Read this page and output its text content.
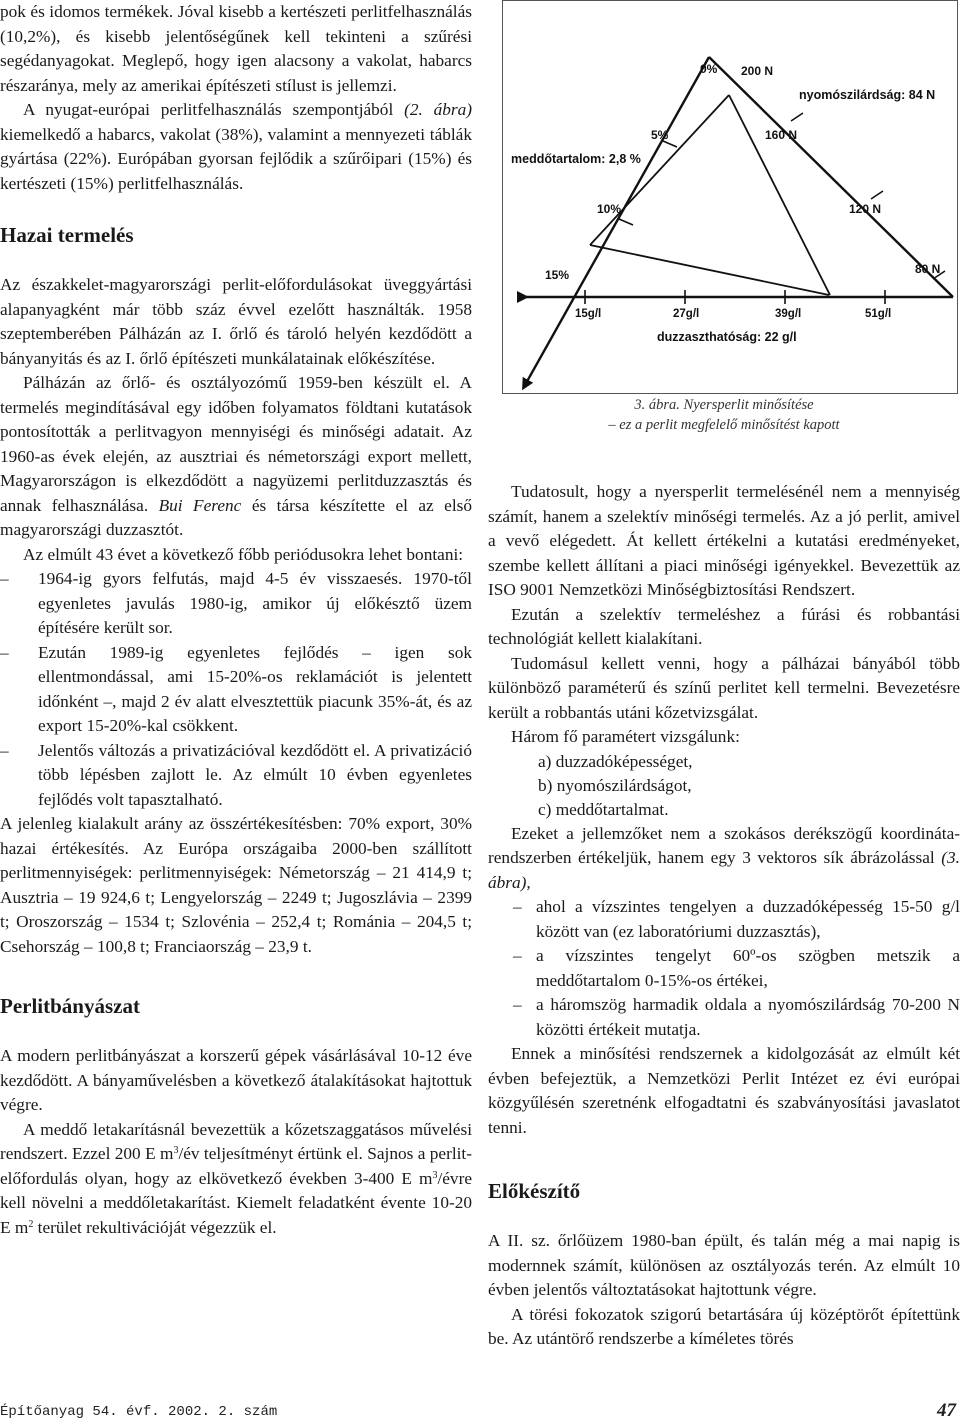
pok és idomos termékek. Jóval kisebb a kertészeti perlitfelhasználás (10,2%), és kisebb jelentőségűnek kell tekinteni a szűrési segédanyagokat. Meglepő, hogy igen alacsony a vakolat, habarcs részaránya, mely az amerikai építészeti stílust is jellemzi.

A nyugat-európai perlitfelhasználás szempontjából (2. ábra) kiemelkedő a habarcs, vakolat (38%), valamint a mennyezeti táblák gyártása (22%). Európában gyorsan fejlődik a szűrőipari (15%) és kertészeti (15%) perlitfelhasználás.

Hazai termelés

Az északkelet-magyarországi perlit-előfordulásokat üveggyártási alapanyagként már több száz évvel ezelőtt használták. 1958 szeptemberében Pálházán az I. őrlő és tároló helyén kezdődött a bányanyitás és az I. őrlő építészeti munkálatainak előkészítése.

Pálházán az őrlő- és osztályozómű 1959-ben készült el. A termelés megindításával egy időben folyamatos földtani kutatások pontosították a perlitvagyon mennyiségi és minőségi adatait. Az 1960-as évek elején, az ausztriai és németországi export mellett, Magyarországon is elkezdődött a nagyüzemi perlitduzzasztás és annak felhasználása. Bui Ferenc és társa készítette el az első magyarországi duzzasztót.

Az elmúlt 43 évet a következő főbb periódusokra lehet bontani:

– 1964-ig gyors felfutás, majd 4-5 év visszaesés. 1970-től egyenletes javulás 1980-ig, amikor új előkésztő üzem építésére került sor.
– Ezután 1989-ig egyenletes fejlődés – igen sok ellentmondással, ami 15-20%-os reklamációt is jelentett időnként –, majd 2 év alatt elvesztettük piacunk 35%-át, és az export 15-20%-kal csökkent.
– Jelentős változás a privatizációval kezdődött el. A privatizáció több lépésben zajlott le. Az elmúlt 10 évben egyenletes fejlődés volt tapasztalható.

A jelenleg kialakult arány az összértékesítésben: 70% export, 30% hazai értékesítés. Az Európa országaiba 2000-ben szállított perlitmennyiségek: perlitmennyiségek: Németország – 21 414,9 t; Ausztria – 19 924,6 t; Lengyelország – 2249 t; Jugoszlávia – 2399 t; Oroszország – 1534 t; Szlovénia – 252,4 t; Románia – 204,5 t; Csehország – 100,8 t; Franciaország – 23,9 t.

Perlitbányászat

A modern perlitbányászat a korszerű gépek vásárlásával 10-12 éve kezdődött. A bányaművelésben a következő átalakításokat hajtottuk végre.

A meddő letakarításnál bevezettük a kőzetszaggatásos művelési rendszert. Ezzel 200 E $m^3/év$ teljesítményt értünk el. Sajnos a perlit-előfordulás olyan, hogy az elkövetkező években 3-400 E $m^3$/évre kell növelni a meddőletakarítást. Kiemelt feladatként évente 10-20 E $m^2$ terület rekultivációját végezzük el.

0% 200 N
nyomószilárdság: 84 N
5%	160 N
meddőtartalom: 2,8 %
10%	120 N
15%	80 N
15g/l	27g/l	39g/l	51g/l
duzzaszthatóság: 22 g/l
3. ábra. Nyersperlit minősítése
– ez a perlit megfelelő minősítést kapott

Tudatosult, hogy a nyersperlit termelésénél nem a mennyiség számít, hanem a szelektív minőségi termelés. Az a jó perlit, amivel a vevő elégedett. Át kellett értékelni a kutatási eredményeket, szembe kellett állítani a piaci minőségi igényekkel. Bevezettük az ISO 9001 Nemzetközi Minőségbiztosítási Rendszert.

Ezután a szelektív termeléshez a fúrási és robbantási technológiát kellett kialakítani.

Tudomásul kellett venni, hogy a pálházai bányából több különböző paraméterű és színű perlitet kell termelni. Bevezetésre került a robbantás utáni kőzetvizsgálat.

Három fő paramétert vizsgálunk:

a) duzzadóképességet,
b) nyomószilárdságot,
c) meddőtartalmat.

Ezeket a jellemzőket nem a szokásos derékszögű koordináta-rendszerben értékeljük, hanem egy 3 vektoros sík ábrázolással (3. ábra),

– ahol a vízszintes tengelyen a duzzadóképesség 15-50 g/l között van (ez laboratóriumi duzzasztás),
– a vízszintes tengelyt 60º-os szögben metszik a meddőtartalom 0-15%-os értékei,
– a háromszög harmadik oldala a nyomószilárdság 70-200 N közötti értékeit mutatja.

Ennek a minősítési rendszernek a kidolgozását az elmúlt két évben befejeztük, a Nemzetközi Perlit Intézet ez évi európai közgyűlésén szeretnénk elfogadtatni és szabványosítási javaslatot tenni.

Előkészítő

A II. sz. őrlőüzem 1980-ban épült, és talán még a mai napig is modernnek számít, különösen az osztályozás terén. Az elmúlt 10 évben jelentős változtatásokat hajtottunk végre.

A törési fokozatok szigorú betartására új középtörőt építettünk be. Az utántörő rendszerbe a kíméletes törés

Építőanyag 54. évf. 2002. 2. szám	47
